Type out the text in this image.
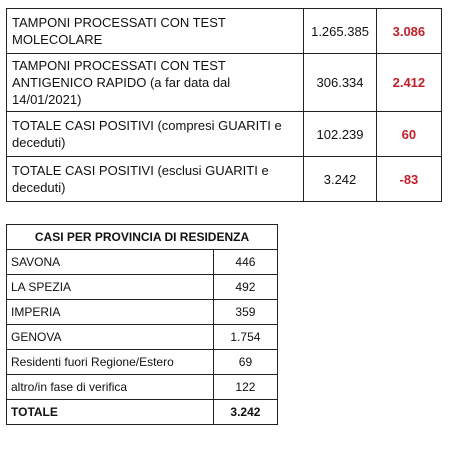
TAMPONI PROCESSATI CON TEST MOLECOLARE	1.265.385	3.086
TAMPONI PROCESSATI CON TEST ANTIGENICO RAPIDO (a far data dal 14/01/2021)	306.334	2.412
TOTALE CASI POSITIVI (compresi GUARITI e deceduti)	102.239	60
TOTALE CASI POSITIVI (esclusi GUARITI e deceduti)	3.242	-83
CASI PER PROVINCIA DI RESIDENZA	
SAVONA	446
LA SPEZIA	492
IMPERIA	359
GENOVA	1.754
Residenti fuori Regione/Estero	69
altro/in fase di verifica	122
TOTALE	3.242
